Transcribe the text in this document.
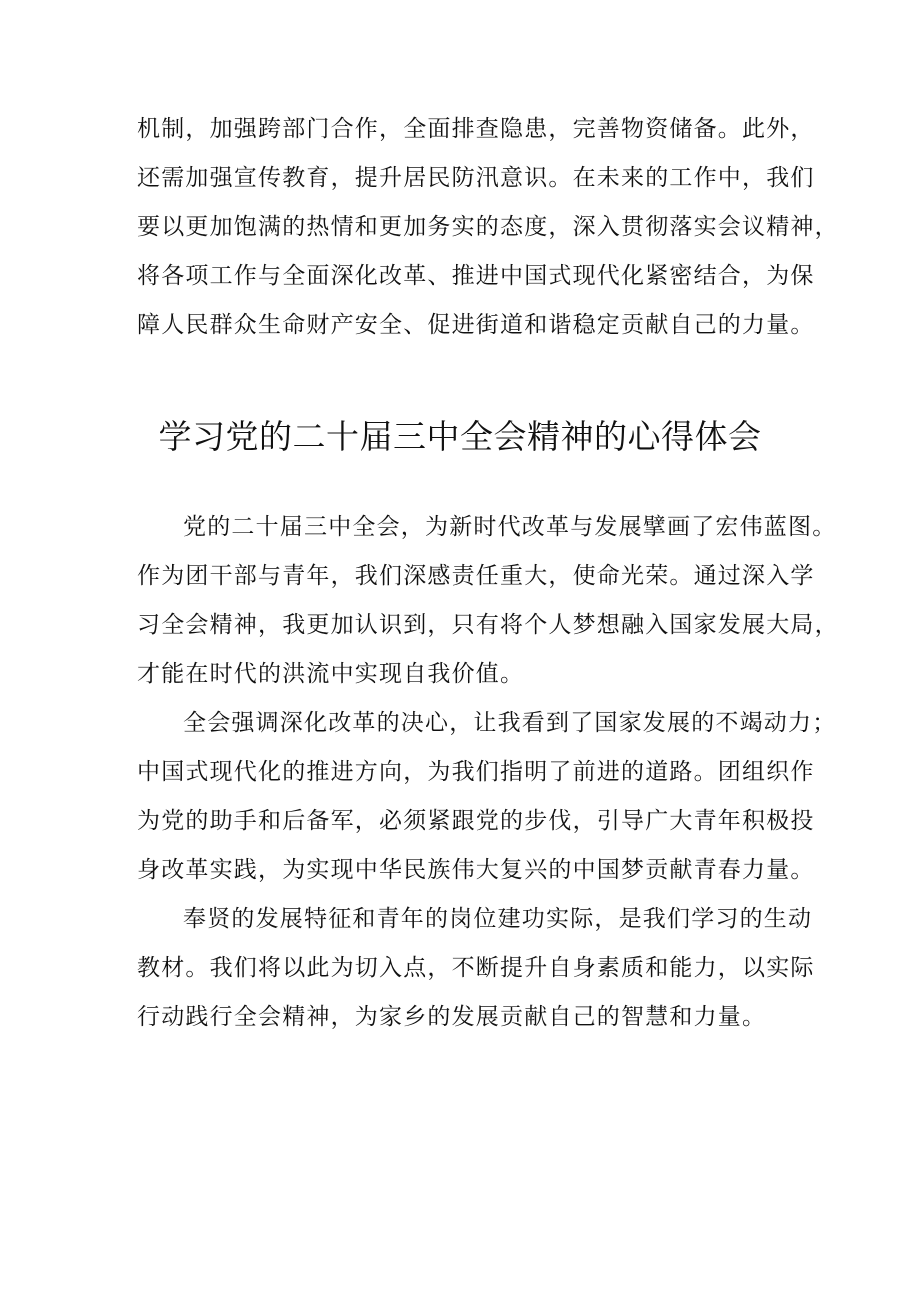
机制，加强跨部门合作，全面排查隐患，完善物资储备。此外，
还需加强宣传教育，提升居民防汛意识。在未来的工作中，我们
要以更加饱满的热情和更加务实的态度，深入贯彻落实会议精神，
将各项工作与全面深化改革、推进中国式现代化紧密结合，为保
障人民群众生命财产安全、促进街道和谐稳定贡献自己的力量。
学习党的二十届三中全会精神的心得体会
党的二十届三中全会，为新时代改革与发展擘画了宏伟蓝图。
作为团干部与青年，我们深感责任重大，使命光荣。通过深入学
习全会精神，我更加认识到，只有将个人梦想融入国家发展大局，
才能在时代的洪流中实现自我价值。
全会强调深化改革的决心，让我看到了国家发展的不竭动力；
中国式现代化的推进方向，为我们指明了前进的道路。团组织作
为党的助手和后备军，必须紧跟党的步伐，引导广大青年积极投
身改革实践，为实现中华民族伟大复兴的中国梦贡献青春力量。
奉贤的发展特征和青年的岗位建功实际，是我们学习的生动
教材。我们将以此为切入点，不断提升自身素质和能力，以实际
行动践行全会精神，为家乡的发展贡献自己的智慧和力量。
